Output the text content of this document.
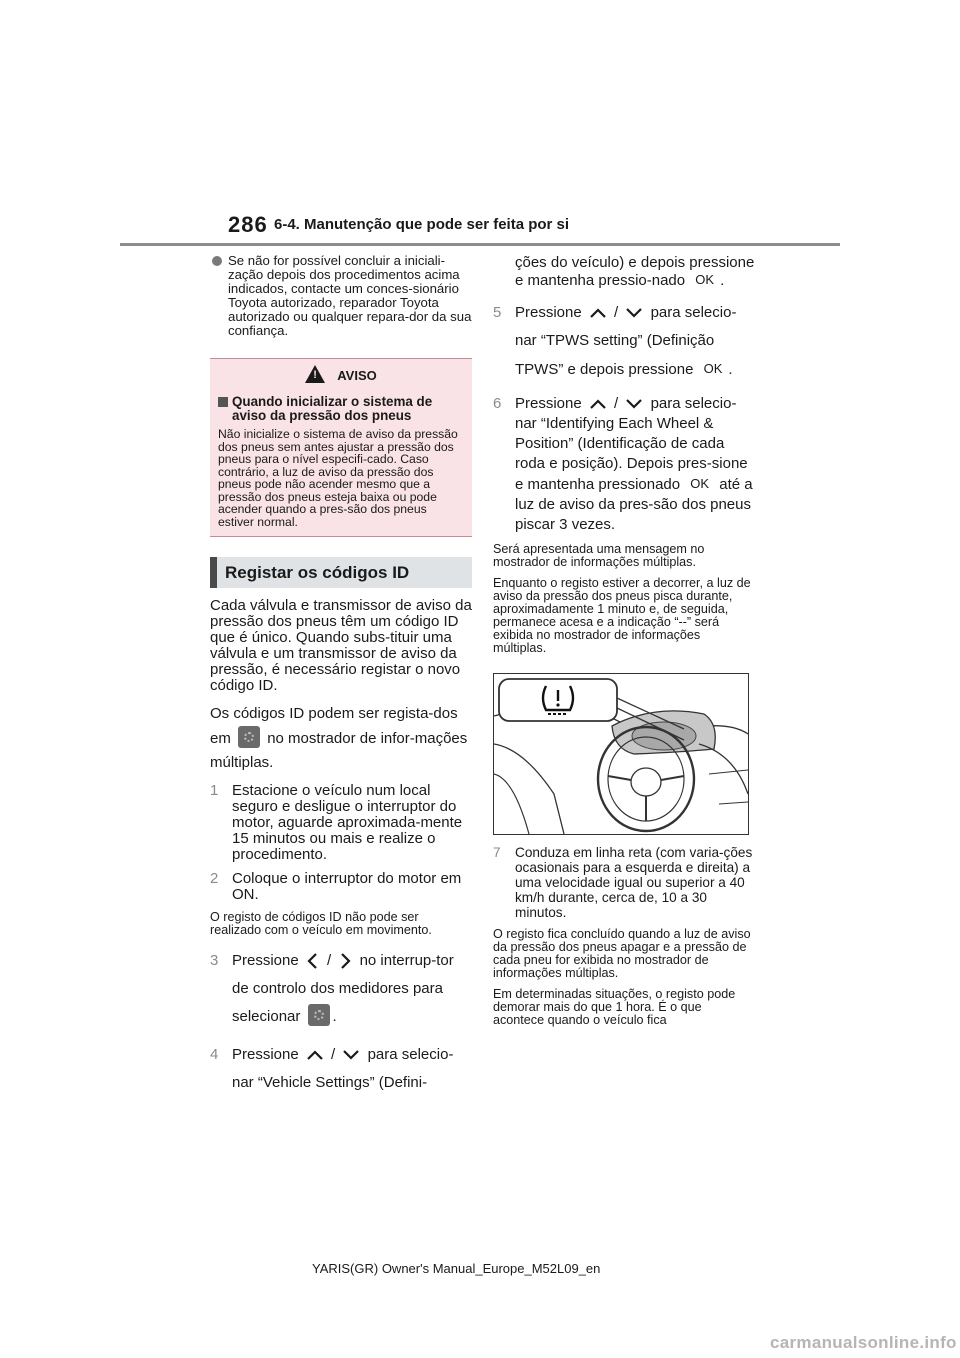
286 6-4. Manutenção que pode ser feita por si
Se não for possível concluir a iniciali-zação depois dos procedimentos acima indicados, contacte um conces-sionário Toyota autorizado, reparador Toyota autorizado ou qualquer repara-dor da sua confiança.
! AVISO
Quando inicializar o sistema de aviso da pressão dos pneus
Não inicialize o sistema de aviso da pressão dos pneus sem antes ajustar a pressão dos pneus para o nível especifi-cado. Caso contrário, a luz de aviso da pressão dos pneus pode não acender mesmo que a pressão dos pneus esteja baixa ou pode acender quando a pres-são dos pneus estiver normal.
Registar os códigos ID
Cada válvula e transmissor de aviso da pressão dos pneus têm um código ID que é único. Quando subs-tituir uma válvula e um transmissor de aviso da pressão, é necessário registar o novo código ID.
Os códigos ID podem ser regista-dos em no mostrador de infor-mações múltiplas.
1 Estacione o veículo num local seguro e desligue o interruptor do motor, aguarde aproximada-mente 15 minutos ou mais e realize o procedimento.
2 Coloque o interruptor do motor em ON.
O registo de códigos ID não pode ser realizado com o veículo em movimento.
3 Pressione / no interrup-tor de controlo dos medidores para selecionar .
4 Pressione / para selecio-nar “Vehicle Settings” (Defini-
ções do veículo) e depois pressione e mantenha pressio-nado OK .
5 Pressione / para selecio-nar “TPWS setting” (Definição TPWS” e depois pressione OK .
6 Pressione / para selecio-nar “Identifying Each Wheel & Position” (Identificação de cada roda e posição). Depois pres-sione e mantenha pressionado OK até a luz de aviso da pres-são dos pneus piscar 3 vezes.
Será apresentada uma mensagem no mostrador de informações múltiplas.
Enquanto o registo estiver a decorrer, a luz de aviso da pressão dos pneus pisca durante, aproximadamente 1 minuto e, de seguida, permanece acesa e a indicação “--” será exibida no mostrador de informações múltiplas.
7 Conduza em linha reta (com varia-ções ocasionais para a esquerda e direita) a uma velocidade igual ou superior a 40 km/h durante, cerca de, 10 a 30 minutos.
O registo fica concluído quando a luz de aviso da pressão dos pneus apagar e a pressão de cada pneu for exibida no mostrador de informações múltiplas.
Em determinadas situações, o registo pode demorar mais do que 1 hora. É o que acontece quando o veículo fica
YARIS(GR) Owner's Manual_Europe_M52L09_en
carmanualsonline.info
